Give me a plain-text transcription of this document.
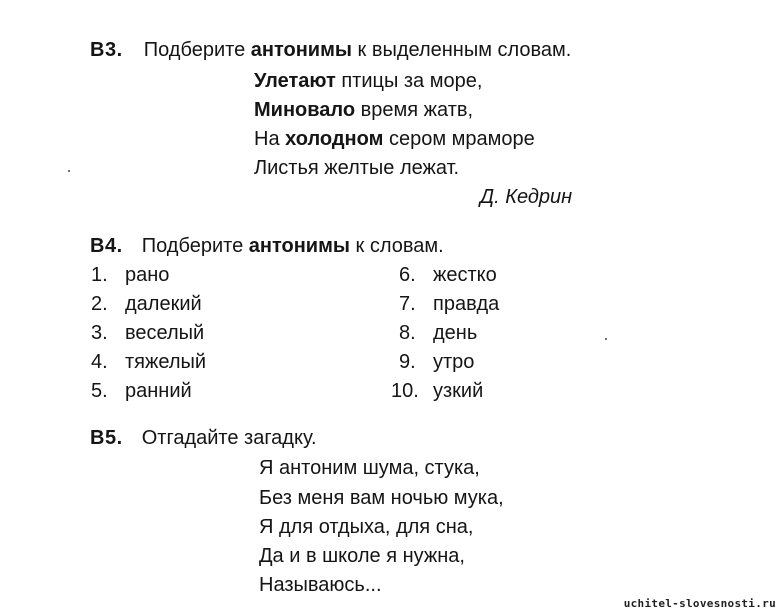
B3. Подберите антонимы к выделенным словам.
Улетают птицы за море,
Миновало время жатв,
На холодном сером мраморе
Листья желтые лежат.
Д. Кедрин
B4. Подберите антонимы к словам.
1. рано
2. далекий
3. веселый
4. тяжелый
5. ранний
6. жестко
7. правда
8. день
9. утро
10. узкий
B5. Отгадайте загадку.
Я антоним шума, стука,
Без меня вам ночью мука,
Я для отдыха, для сна,
Да и в школе я нужна,
Называюсь...
uchitel-slovesnosti.ru
